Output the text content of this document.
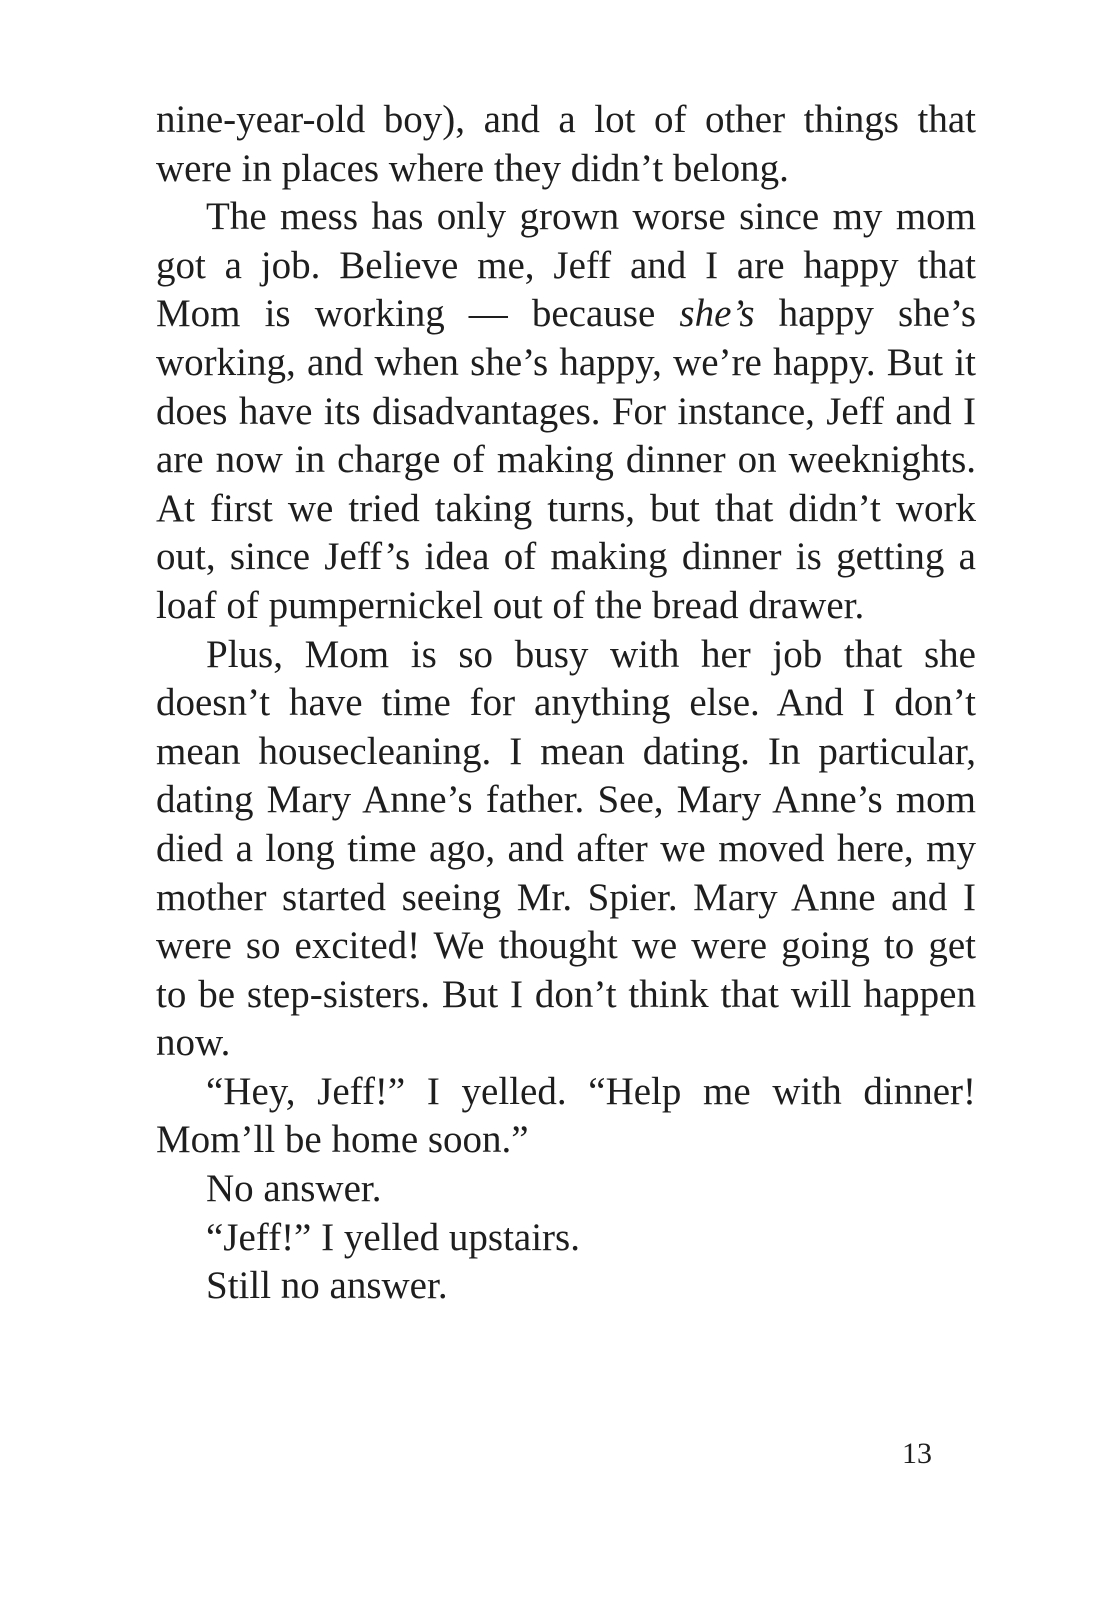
nine-year-old boy), and a lot of other things that were in places where they didn’t belong.

The mess has only grown worse since my mom got a job. Believe me, Jeff and I are happy that Mom is working — because she’s happy she’s working, and when she’s happy, we’re happy. But it does have its disadvantages. For instance, Jeff and I are now in charge of making dinner on weeknights. At first we tried taking turns, but that didn’t work out, since Jeff’s idea of making dinner is getting a loaf of pumpernickel out of the bread drawer.

Plus, Mom is so busy with her job that she doesn’t have time for anything else. And I don’t mean housecleaning. I mean dating. In particular, dating Mary Anne’s father. See, Mary Anne’s mom died a long time ago, and after we moved here, my mother started seeing Mr. Spier. Mary Anne and I were so excited! We thought we were going to get to be step-sisters. But I don’t think that will happen now.

“Hey, Jeff!” I yelled. “Help me with dinner! Mom’ll be home soon.”

No answer.

“Jeff!” I yelled upstairs.

Still no answer.

13
